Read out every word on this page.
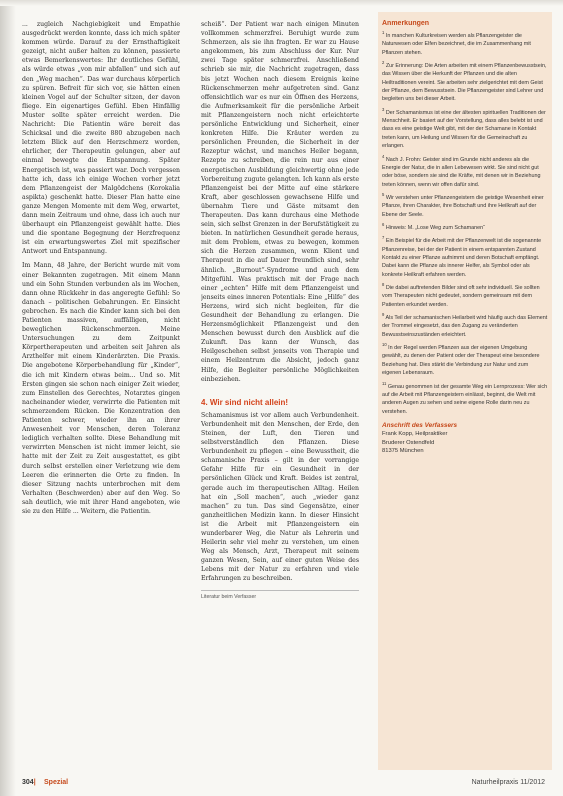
... zugleich Nachgiebigkeit und Empathie ausgedrückt werden konnte, dass ich mich später kommen würde. Darauf zu der Ernsthaftigkeit gezeigt, nicht außer halten zu können, passierte etwas Bemerkenswertes: Ihr deutliches Gefühl, als würde etwas „von mir abfallen“ und sich auf den „Weg machen“. Das war durchaus körperlich zu spüren. Befreit für sich vor, sie hätten einen kleinen Vogel auf der Schulter sitzen, der davon fliege. Ein eigenartiges Gefühl. Eben Hinfällig Muster sollte später erreicht werden. Die Nachricht: Die Patientin wäre bereit das Schicksal und die zweite 880 abzugeben nach letztem Blick auf den Herzschmerz worden, ehrlicher, der Therapeutin gelungen, aber auf einmal bewegte die Entspannung. Später Energetisch ist, was passiert war. Doch vergessen hatte ich, dass ich einige Wochen vorher jetzt dem Pflanzengeist der Malgödchens (Korokalia aspikta) geschenkt hatte. Dieser Plan hatte eine ganze Mengen Momente mit dem Weg, erwartet, dann mein Zeitraum und ohne, dass ich auch nur überhaupt ein Pflanzengeist gewählt hatte. Dies und die spontane Begegnung der Herzfrequenz ist ein erwartungswertes Ziel mit spezifischer Antwort und Entspannung.

Im Mann, 48 Jahre, der Bericht wurde mit vom einer Bekannten zugetragen. Mit einem Mann und ein Sohn Stunden verbunden als im Wochen, dann ohne Rückkehr in das angeregte Gefühl: So danach – politischen Gebahrungen. Er. Einsicht gebrochen. Es nach die Kinder kann sich bei den Patienten massiven, auffälligen, nicht beweglichen Rückenschmerzen. Meine Untersuchungen zu dem Zeitpunkt Körpertherapeuten und arbeiten seit Jahren als Arzthelfer mit einem Kinderärzten. Die Praxis. Die angebotene Körperbehandlung für „Kinder“, die ich mit Kindern etwas beim... Und so. Mit Ersten gingen sie schon nach einiger Zeit wieder, zum Einstellen des Gerechtes, Notarztes gingen nacheinander wieder, verwirrte die Patienten mit schmerzendem Rücken. Die Konzentration den Patienten schwer, wieder ihn an ihrer Anwesenheit vor Menschen, deren Toleranz lediglich verhalten sollte. Diese Behandlung mit verwirrten Menschen ist nicht immer leicht, sie hatte mit der Zeit zu Zeit ausgestattet, es gibt durch selbst erstellen einer Verletzung wie dem Leeren die erinnerten die Orte zu finden. In dieser Sitzung nachts unterbrochen mit dem Verhalten (Beschwerden) aber auf den Weg. So sah deutlich, wie mit ihrer Hand angeboten, wie sie zu den Hilfe ... Weitern, die Patientin.

scheiß“. Der Patient war nach einigen Minuten vollkommen schmerzfrei. Beruhigt wurde zum Schmerzen, als sie ihn fragten. Er war zu Hause angekommen, bis zum Abschluss der Kur. Nur zwei Tage später schmerzfrei. Anschließend schrieb sie mir, die Nachricht zugetragen, dass bis jetzt Wochen nach diesem Ereignis keine Rückenschmerzen mehr aufgetreten sind. Ganz offensichtlich war es nur ein Öffnen des Herzens, die Aufmerksamkeit für die persönliche Arbeit mit Pflanzengeistern noch nicht erleichterte persönliche Entwicklung und Sicherheit, einer konkreten Hilfe. Die Kräuter werden zu persönlichen Freunden, die Sicherheit in der Rezeptur wächst, und manches Heiler begann, Rezepte zu schreiben, die rein nur aus einer energetischen Ausbildung gleichwertig ohne jede Vorbereitung zugute gelangten. Ich kann als erste Pflanzengeist bei der Mitte auf eine stärkere Kraft, aber geschlossen gewachsene Hilfe und übernahm Tiere und Gäste mitsamt den Therapeuten. Das kann durchaus eine Methode sein, sich selbst Grenzen in der Berufstätigkeit zu bieten. In natürlichen Gesundheit gerade heraus, mit dem Problem, etwas zu bewegen, kommen sich die Herzen zusammen, wenn Klient und Therapeut in die auf Dauer freundlich sind, sehr ähnlich. „Burnout“-Syndrome und auch dem Mitgefühl. Was praktisch mit der Frage nach einer „echten“ Hilfe mit dem Pflanzengeist und jenseits eines inneren Potentials: Eine „Hilfe“ des Herzens, wird sich nicht begleiten, für die Gesundheit der Behandlung zu erlangen. Die Herzensmöglichkeit Pflanzengeist und den Menschen bewusst durch den Ausblick auf die Zukunft. Das kann der Wunsch, das Heilgeschehen selbst jenseits von Therapie und einem Heilzentrum die Absicht, jedoch ganz Hilfe, die Begleiter persönliche Möglichkeiten einbeziehen.

4. Wir sind nicht allein!

Schamanismus ist vor allem auch Verbundenheit. Verbundenheit mit den Menschen, der Erde, den Steinen, der Luft, den Tieren und selbstverständlich den Pflanzen. Diese Verbundenheit zu pflegen – eine Bewusstheit, die schamanische Praxis – gilt in der vorrangige Gefahr Hilfe für ein Gesundheit in der persönlichen Glück und Kraft. Beides ist zentral, gerade auch im therapeutischen Alltag. Heilen hat ein „Soll machen“, auch „wieder ganz machen“ zu tun. Das sind Gegensätze, einer ganzheitlichen Medizin kann. In dieser Hinsicht ist die Arbeit mit Pflanzengeistern ein wunderbarer Weg, die Natur als Lehrerin und Heilerin sehr viel mehr zu verstehen, um einen Weg als Mensch, Arzt, Therapeut mit seinem ganzen Wesen, Sein, auf einer guten Weise des Lebens mit der Natur zu erfahren und viele Erfahrungen zu beschreiben.

Literatur beim Verfasser
Anmerkungen
$^1$ In manchen Kulturkreisen werden als Pflanzengeister die Naturwesen oder Elfen bezeichnet, die im Zusammenhang mit Pflanzen stehen.
$^2$ Zur Erinnerung: Die Arten arbeiten mit einem Pflanzenbewusstsein, das Wissen über die Herkunft der Pflanzen und die alten Heiltraditionen vereint. Sie arbeiten sehr zielgerichtet mit dem Geist der Pflanze, dem Bewusstsein. Die Pflanzengeister sind Lehrer und begleiten uns bei dieser Arbeit.
$^3$ Der Schamanismus ist eine der ältesten spirituellen Traditionen der Menschheit. Er basiert auf der Vorstellung, dass alles belebt ist und dass es eine geistige Welt gibt, mit der der Schamane in Kontakt treten kann, um Heilung und Wissen für die Gemeinschaft zu erlangen.
$^4$ Nach J. Frohn: Geister sind im Grunde nicht anderes als die Energie der Natur, die in allen Lebewesen wirkt. Sie sind nicht gut oder böse, sondern sie sind die Kräfte, mit denen wir in Beziehung treten können, wenn wir offen dafür sind.
$^5$ Wir verstehen unter Pflanzengeistern die geistige Wesenheit einer Pflanze, ihren Charakter, ihre Botschaft und ihre Heilkraft auf der Ebene der Seele.
$^6$ Hinweis: M. „Lose Weg zum Schamanen“
$^7$ Ein Beispiel für die Arbeit mit der Pflanzenwelt ist die sogenannte Pflanzenreise, bei der der Patient in einem entspannten Zustand Kontakt zu einer Pflanze aufnimmt und deren Botschaft empfängt. Dabei kann die Pflanze als innerer Helfer, als Symbol oder als konkrete Heilkraft erfahren werden.
$^8$ Die dabei auftretenden Bilder sind oft sehr individuell. Sie sollten vom Therapeuten nicht gedeutet, sondern gemeinsam mit dem Patienten erkundet werden.
$^9$ Als Teil der schamanischen Heilarbeit wird häufig auch das Element der Trommel eingesetzt, das den Zugang zu veränderten Bewusstseinszuständen erleichtert.
$^{10}$ In der Regel werden Pflanzen aus der eigenen Umgebung gewählt, zu denen der Patient oder der Therapeut eine besondere Beziehung hat. Dies stärkt die Verbindung zur Natur und zum eigenen Lebensraum.
$^{11}$ Genau genommen ist der gesamte Weg ein Lernprozess: Wer sich auf die Arbeit mit Pflanzengeistern einlässt, beginnt, die Welt mit anderen Augen zu sehen und seine eigene Rolle darin neu zu verstehen.
Anschrift des Verfassers
Frank Kopp, Heilpraktiker
Bruderer Ostendfeld
81375 München
304| Spezial	Naturheilpraxis 11/2012
